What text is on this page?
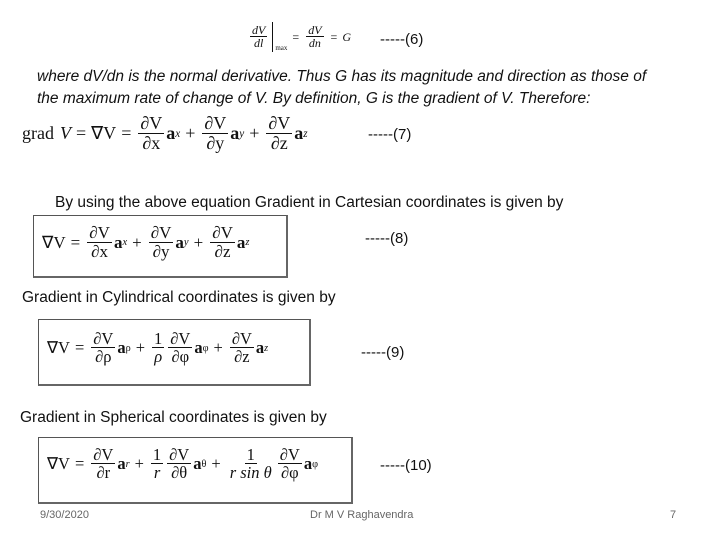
$\frac{dV}{dl}$ max
= $\frac{dV}{dn} = G$ -----(6)
where dV/dn is the normal derivative. Thus G has its magnitude and direction as those of
the maximum rate of change of V. By definition, G is the gradient of V. Therefore:
grad $V = \nabla V = \frac{\partial V}{\partial x}$ a $x + \frac{\partial V}{\partial y}$ a $y + \frac{\partial V}{\partial z}$ a z	-----(7)
By using the above equation Gradient in Cartesian coordinates is given by
$\nabla V = \frac{\partial V}{\partial x}$ a $x + \frac{\partial V}{\partial y}$ a $y + \frac{\partial V}{\partial z}$ a z	-----(8)
Gradient in Cylindrical coordinates is given by
$\nabla V = \frac{\partial V}{\partial\rho}$ a $\rho + \frac{1}{\rho} \frac{\partial V}{\partial\varphi}$ a $\varphi + \frac{\partial V}{\partial z}$ a z	-----(9)
Gradient in Spherical coordinates is given by
$\nabla V = \frac{\partial V}{\partial r}$ a $r + \frac{1}{r} \frac{\partial V}{\partial\theta}$ a $\theta + \frac{1}{\text{r sin θ}} \frac{\partial V}{\partial\varphi}$ a φ	-----(10)
9/30/2020	Dr M V Raghavendra	7
